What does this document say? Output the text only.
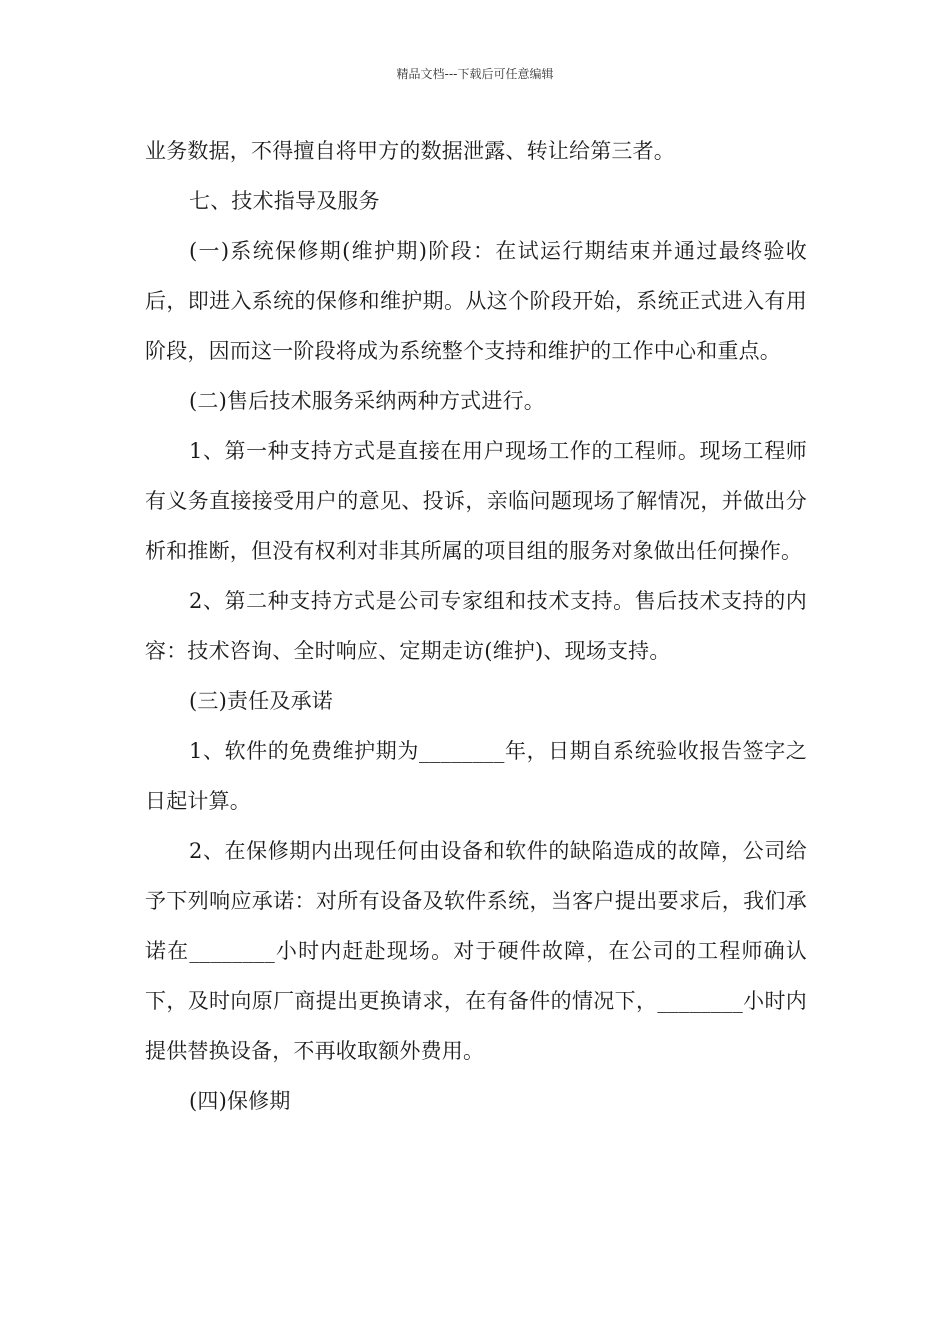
精品文档---下载后可任意编辑

业务数据，不得擅自将甲方的数据泄露、转让给第三者。

七、技术指导及服务

(一)系统保修期(维护期)阶段：在试运行期结束并通过最终验收后，即进入系统的保修和维护期。从这个阶段开始，系统正式进入有用阶段，因而这一阶段将成为系统整个支持和维护的工作中心和重点。

(二)售后技术服务采纳两种方式进行。

1、第一种支持方式是直接在用户现场工作的工程师。现场工程师有义务直接接受用户的意见、投诉，亲临问题现场了解情况，并做出分析和推断，但没有权利对非其所属的项目组的服务对象做出任何操作。

2、第二种支持方式是公司专家组和技术支持。售后技术支持的内容：技术咨询、全时响应、定期走访(维护)、现场支持。

(三)责任及承诺

1、软件的免费维护期为________年，日期自系统验收报告签字之日起计算。

2、在保修期内出现任何由设备和软件的缺陷造成的故障，公司给予下列响应承诺：对所有设备及软件系统，当客户提出要求后，我们承诺在________小时内赶赴现场。对于硬件故障，在公司的工程师确认下，及时向原厂商提出更换请求，在有备件的情况下，________小时内提供替换设备，不再收取额外费用。

(四)保修期
